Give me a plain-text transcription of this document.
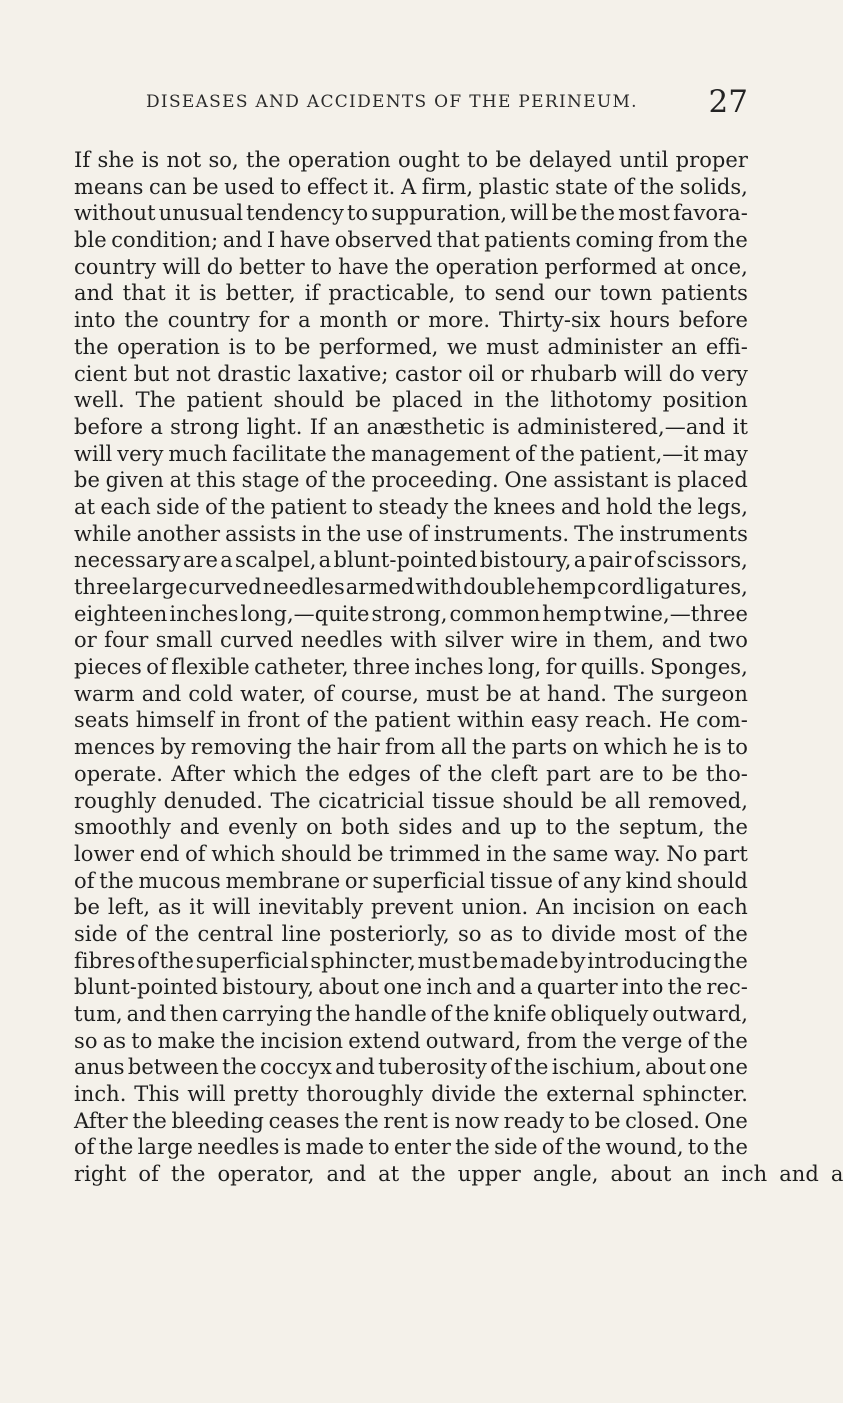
DISEASES AND ACCIDENTS OF THE PERINEUM. 27
If she is not so, the operation ought to be delayed until proper
means can be used to effect it. A firm, plastic state of the solids,
without unusual tendency to suppuration, will be the most favora-
ble condition; and I have observed that patients coming from the
country will do better to have the operation performed at once,
and that it is better, if practicable, to send our town patients
into the country for a month or more. Thirty-six hours before
the operation is to be performed, we must administer an effi-
cient but not drastic laxative; castor oil or rhubarb will do very
well. The patient should be placed in the lithotomy position
before a strong light. If an anæsthetic is administered,—and it
will very much facilitate the management of the patient,—it may
be given at this stage of the proceeding. One assistant is placed
at each side of the patient to steady the knees and hold the legs,
while another assists in the use of instruments. The instruments
necessary are a scalpel, a blunt-pointed bistoury, a pair of scissors,
three large curved needles armed with double hemp cord ligatures,
eighteen inches long,—quite strong, common hemp twine,—three
or four small curved needles with silver wire in them, and two
pieces of flexible catheter, three inches long, for quills. Sponges,
warm and cold water, of course, must be at hand. The surgeon
seats himself in front of the patient within easy reach. He com-
mences by removing the hair from all the parts on which he is to
operate. After which the edges of the cleft part are to be tho-
roughly denuded. The cicatricial tissue should be all removed,
smoothly and evenly on both sides and up to the septum, the
lower end of which should be trimmed in the same way. No part
of the mucous membrane or superficial tissue of any kind should
be left, as it will inevitably prevent union. An incision on each
side of the central line posteriorly, so as to divide most of the
fibres of the superficial sphincter, must be made by introducing the
blunt-pointed bistoury, about one inch and a quarter into the rec-
tum, and then carrying the handle of the knife obliquely outward,
so as to make the incision extend outward, from the verge of the
anus between the coccyx and tuberosity of the ischium, about one
inch. This will pretty thoroughly divide the external sphincter.
After the bleeding ceases the rent is now ready to be closed. One
of the large needles is made to enter the side of the wound, to the
right of the operator, and at the upper angle, about an inch and a
